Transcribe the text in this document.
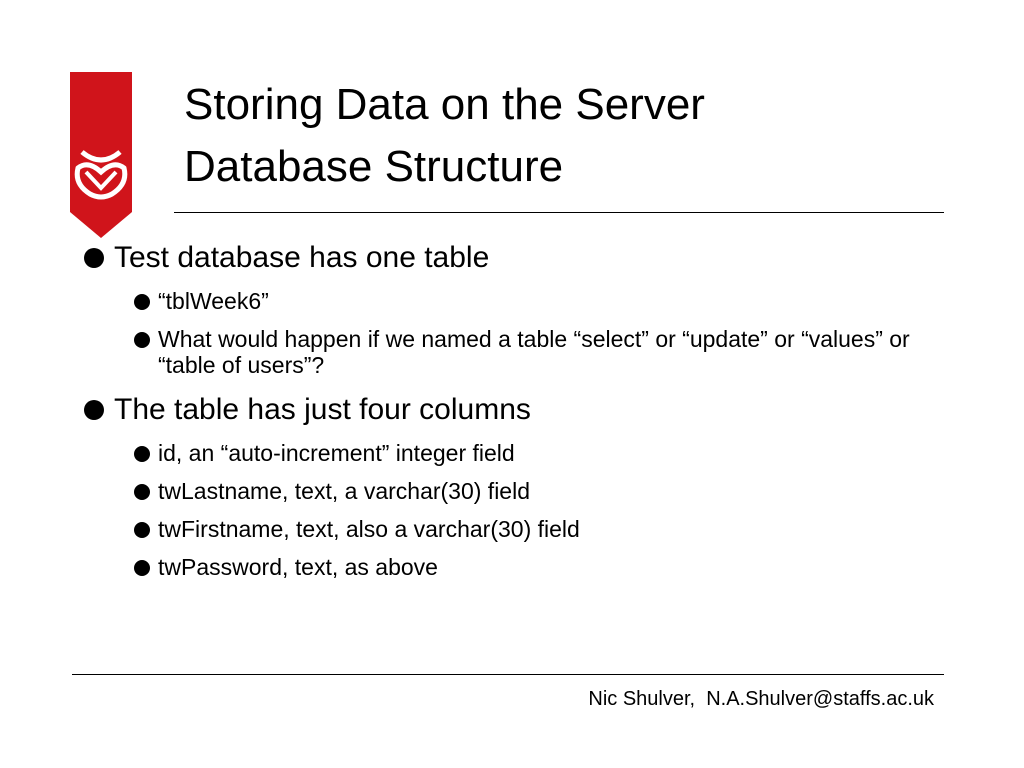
Storing Data on the Server
Database Structure
Test database has one table
“tblWeek6”
What would happen if we named a table “select” or “update” or “values” or “table of users”?
The table has just four columns
id, an “auto-increment” integer field
twLastname, text, a varchar(30) field
twFirstname, text, also a varchar(30) field
twPassword, text, as above
Nic Shulver,  N.A.Shulver@staffs.ac.uk
